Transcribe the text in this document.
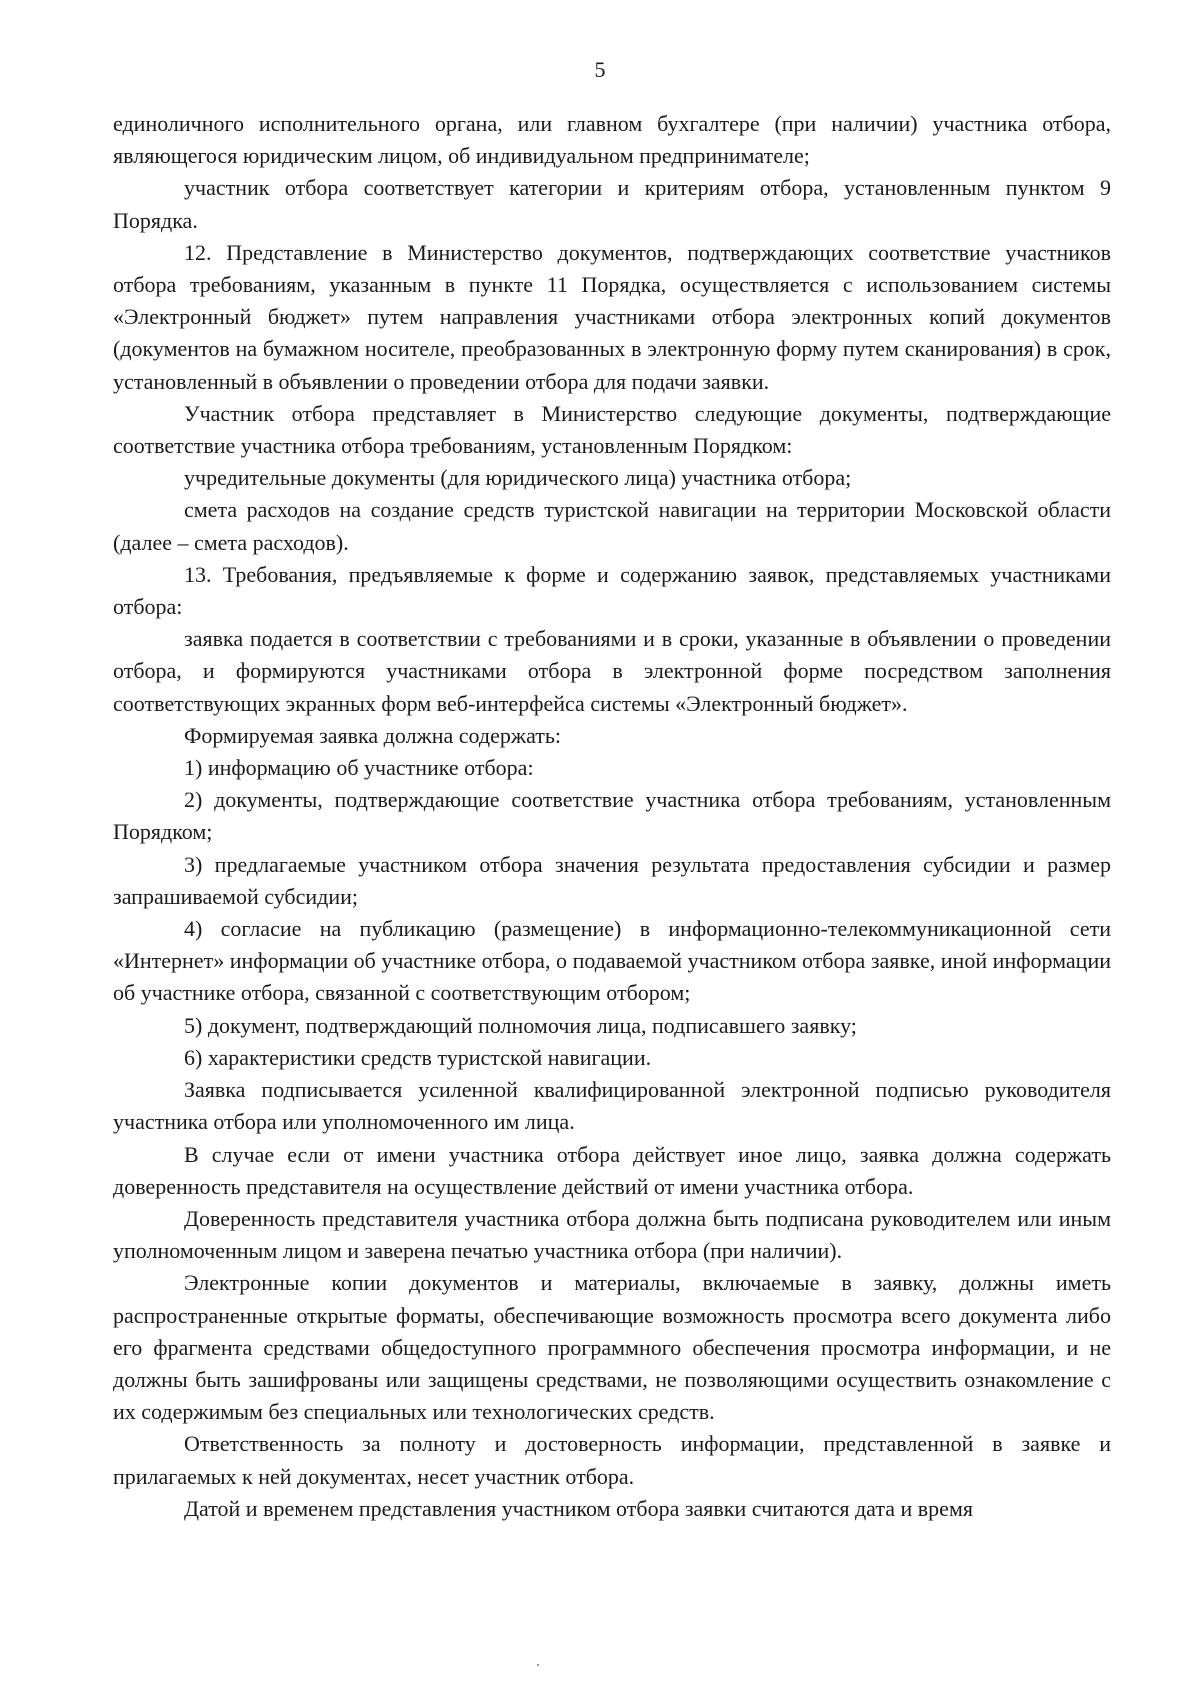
5

единоличного исполнительного органа, или главном бухгалтере (при наличии) участника отбора, являющегося юридическим лицом, об индивидуальном предпринимателе;

участник отбора соответствует категории и критериям отбора, установленным пунктом 9 Порядка.

12. Представление в Министерство документов, подтверждающих соответствие участников отбора требованиям, указанным в пункте 11 Порядка, осуществляется с использованием системы «Электронный бюджет» путем направления участниками отбора электронных копий документов (документов на бумажном носителе, преобразованных в электронную форму путем сканирования) в срок, установленный в объявлении о проведении отбора для подачи заявки.

Участник отбора представляет в Министерство следующие документы, подтверждающие соответствие участника отбора требованиям, установленным Порядком:

учредительные документы (для юридического лица) участника отбора;

смета расходов на создание средств туристской навигации на территории Московской области (далее – смета расходов).

13. Требования, предъявляемые к форме и содержанию заявок, представляемых участниками отбора:

заявка подается в соответствии с требованиями и в сроки, указанные в объявлении о проведении отбора, и формируются участниками отбора в электронной форме посредством заполнения соответствующих экранных форм веб-интерфейса системы «Электронный бюджет».

Формируемая заявка должна содержать:

1) информацию об участнике отбора:

2) документы, подтверждающие соответствие участника отбора требованиям, установленным Порядком;

3) предлагаемые участником отбора значения результата предоставления субсидии и размер запрашиваемой субсидии;

4) согласие на публикацию (размещение) в информационно-телекоммуникационной сети «Интернет» информации об участнике отбора, о подаваемой участником отбора заявке, иной информации об участнике отбора, связанной с соответствующим отбором;

5) документ, подтверждающий полномочия лица, подписавшего заявку;

6) характеристики средств туристской навигации.

Заявка подписывается усиленной квалифицированной электронной подписью руководителя участника отбора или уполномоченного им лица.

В случае если от имени участника отбора действует иное лицо, заявка должна содержать доверенность представителя на осуществление действий от имени участника отбора.

Доверенность представителя участника отбора должна быть подписана руководителем или иным уполномоченным лицом и заверена печатью участника отбора (при наличии).

Электронные копии документов и материалы, включаемые в заявку, должны иметь распространенные открытые форматы, обеспечивающие возможность просмотра всего документа либо его фрагмента средствами общедоступного программного обеспечения просмотра информации, и не должны быть зашифрованы или защищены средствами, не позволяющими осуществить ознакомление с их содержимым без специальных или технологических средств.

Ответственность за полноту и достоверность информации, представленной в заявке и прилагаемых к ней документах, несет участник отбора.

Датой и временем представления участником отбора заявки считаются дата и время
